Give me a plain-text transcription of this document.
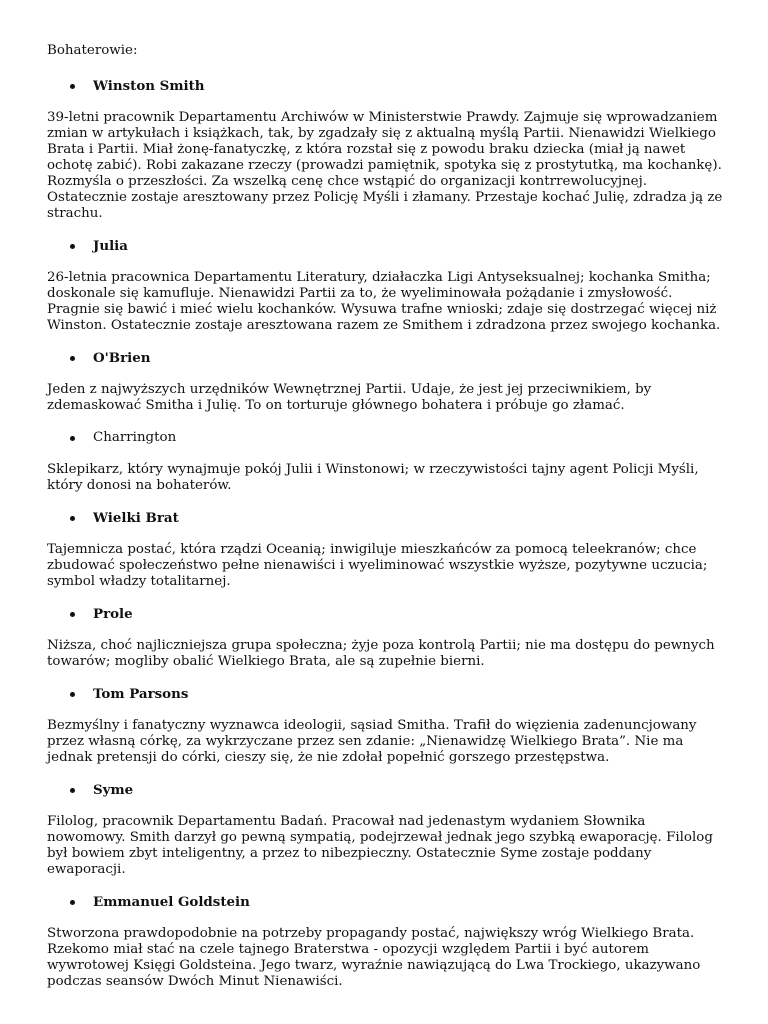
Bohaterowie:

Winston Smith

39-letni pracownik Departamentu Archiwów w Ministerstwie Prawdy. Zajmuje się wprowadzaniem zmian w artykułach i książkach, tak, by zgadzały się z aktualną myślą Partii. Nienawidzi Wielkiego Brata i Partii. Miał żonę-fanatyczkę, z która rozstał się z powodu braku dziecka (miał ją nawet ochotę zabić). Robi zakazane rzeczy (prowadzi pamiętnik, spotyka się z prostytutką, ma kochankę). Rozmyśla o przeszłości. Za wszelką cenę chce wstąpić do organizacji kontrrewolucyjnej. Ostatecznie zostaje aresztowany przez Policję Myśli i złamany. Przestaje kochać Julię, zdradza ją ze strachu.

Julia

26-letnia pracownica Departamentu Literatury, działaczka Ligi Antyseksualnej; kochanka Smitha; doskonale się kamufluje. Nienawidzi Partii za to, że wyeliminowała pożądanie i zmysłowość. Pragnie się bawić i mieć wielu kochanków. Wysuwa trafne wnioski; zdaje się dostrzegać więcej niż Winston. Ostatecznie zostaje aresztowana razem ze Smithem i zdradzona przez swojego kochanka.

O'Brien

Jeden z najwyższych urzędników Wewnętrznej Partii. Udaje, że jest jej przeciwnikiem, by zdemaskować Smitha i Julię. To on torturuje głównego bohatera i próbuje go złamać.

Charrington

Sklepikarz, który wynajmuje pokój Julii i Winstonowi; w rzeczywistości tajny agent Policji Myśli, który donosi na bohaterów.

Wielki Brat

Tajemnicza postać, która rządzi Oceanią; inwigiluje mieszkańców za pomocą teleekranów; chce zbudować społeczeństwo pełne nienawiści i wyeliminować wszystkie wyższe, pozytywne uczucia; symbol władzy totalitarnej.

Prole

Niższa, choć najliczniejsza grupa społeczna; żyje poza kontrolą Partii; nie ma dostępu do pewnych towarów; mogliby obalić Wielkiego Brata, ale są zupełnie bierni.

Tom Parsons

Bezmyślny i fanatyczny wyznawca ideologii, sąsiad Smitha. Trafił do więzienia zadenuncjowany przez własną córkę, za wykrzyczane przez sen zdanie: „Nienawidzę Wielkiego Brata”. Nie ma jednak pretensji do córki, cieszy się, że nie zdołał popełnić gorszego przestępstwa.

Syme

Filolog, pracownik Departamentu Badań. Pracował nad jedenastym wydaniem Słownika nowomowy. Smith darzył go pewną sympatią, podejrzewał jednak jego szybką ewaporację. Filolog był bowiem zbyt inteligentny, a przez to nibezpieczny. Ostatecznie Syme zostaje poddany ewaporacji.

Emmanuel Goldstein

Stworzona prawdopodobnie na potrzeby propagandy postać, największy wróg Wielkiego Brata. Rzekomo miał stać na czele tajnego Braterstwa - opozycji względem Partii i być autorem wywrotowej Księgi Goldsteina. Jego twarz, wyraźnie nawiązującą do Lwa Trockiego, ukazywano podczas seansów Dwóch Minut Nienawiści.
